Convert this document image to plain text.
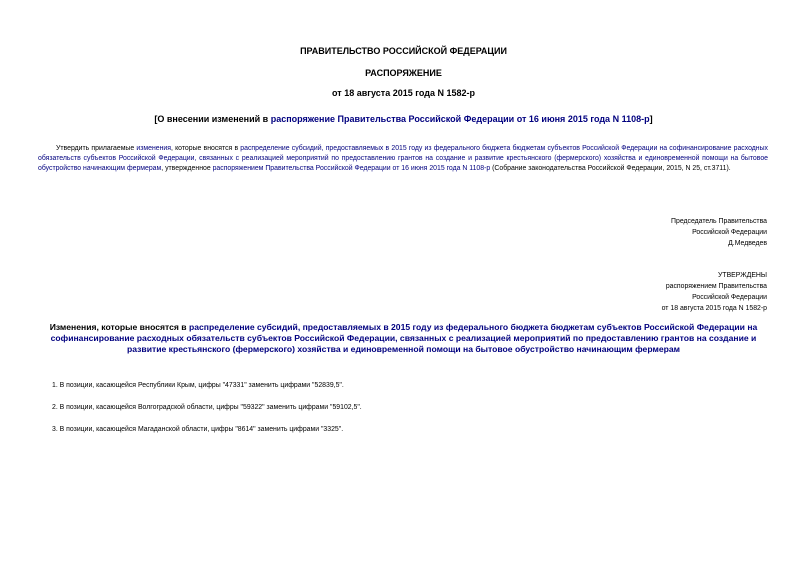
ПРАВИТЕЛЬСТВО РОССИЙСКОЙ ФЕДЕРАЦИИ
РАСПОРЯЖЕНИЕ
от 18 августа 2015 года N 1582-р
[О внесении изменений в распоряжение Правительства Российской Федерации от 16 июня 2015 года N 1108-р]
Утвердить прилагаемые изменения, которые вносятся в распределение субсидий, предоставляемых в 2015 году из федерального бюджета бюджетам субъектов Российской Федерации на софинансирование расходных обязательств субъектов Российской Федерации, связанных с реализацией мероприятий по предоставлению грантов на создание и развитие крестьянского (фермерского) хозяйства и единовременной помощи на бытовое обустройство начинающим фермерам, утвержденное распоряжением Правительства Российской Федерации от 16 июня 2015 года N 1108-р (Собрание законодательства Российской Федерации, 2015, N 25, ст.3711).
Председатель Правительства
Российской Федерации
Д.Медведев
УТВЕРЖДЕНЫ
распоряжением Правительства
Российской Федерации
от 18 августа 2015 года N 1582-р
Изменения, которые вносятся в распределение субсидий, предоставляемых в 2015 году из федерального бюджета бюджетам субъектов Российской Федерации на софинансирование расходных обязательств субъектов Российской Федерации, связанных с реализацией мероприятий по предоставлению грантов на создание и развитие крестьянского (фермерского) хозяйства и единовременной помощи на бытовое обустройство начинающим фермерам
1. В позиции, касающейся Республики Крым, цифры "47331" заменить цифрами "52839,5".
2. В позиции, касающейся Волгоградской области, цифры "59322" заменить цифрами "59102,5".
3. В позиции, касающейся Магаданской области, цифры "8614" заменить цифрами "3325".
